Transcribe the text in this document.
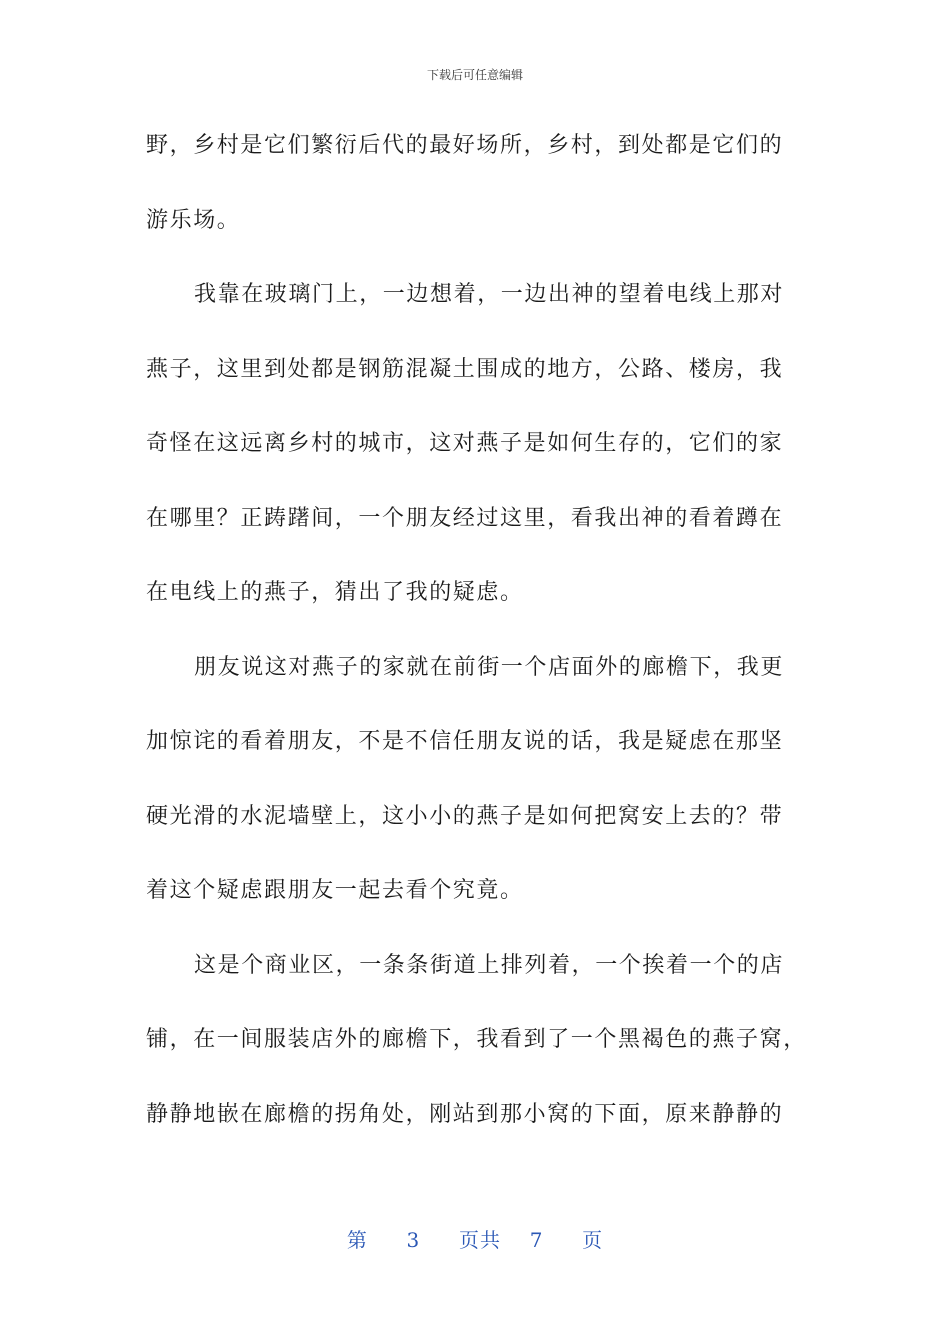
下载后可任意编辑
野，乡村是它们繁衍后代的最好场所，乡村，到处都是它们的
游乐场。
我靠在玻璃门上，一边想着，一边出神的望着电线上那对
燕子，这里到处都是钢筋混凝土围成的地方，公路、楼房，我
奇怪在这远离乡村的城市，这对燕子是如何生存的，它们的家
在哪里？正踌躇间，一个朋友经过这里，看我出神的看着蹲在
在电线上的燕子，猜出了我的疑虑。
朋友说这对燕子的家就在前街一个店面外的廊檐下，我更
加惊诧的看着朋友，不是不信任朋友说的话，我是疑虑在那坚
硬光滑的水泥墙壁上，这小小的燕子是如何把窝安上去的？带
着这个疑虑跟朋友一起去看个究竟。
这是个商业区，一条条街道上排列着，一个挨着一个的店
铺，在一间服装店外的廊檐下，我看到了一个黑褐色的燕子窝，
静静地嵌在廊檐的拐角处，刚站到那小窝的下面，原来静静的
第 3 页共 7 页
